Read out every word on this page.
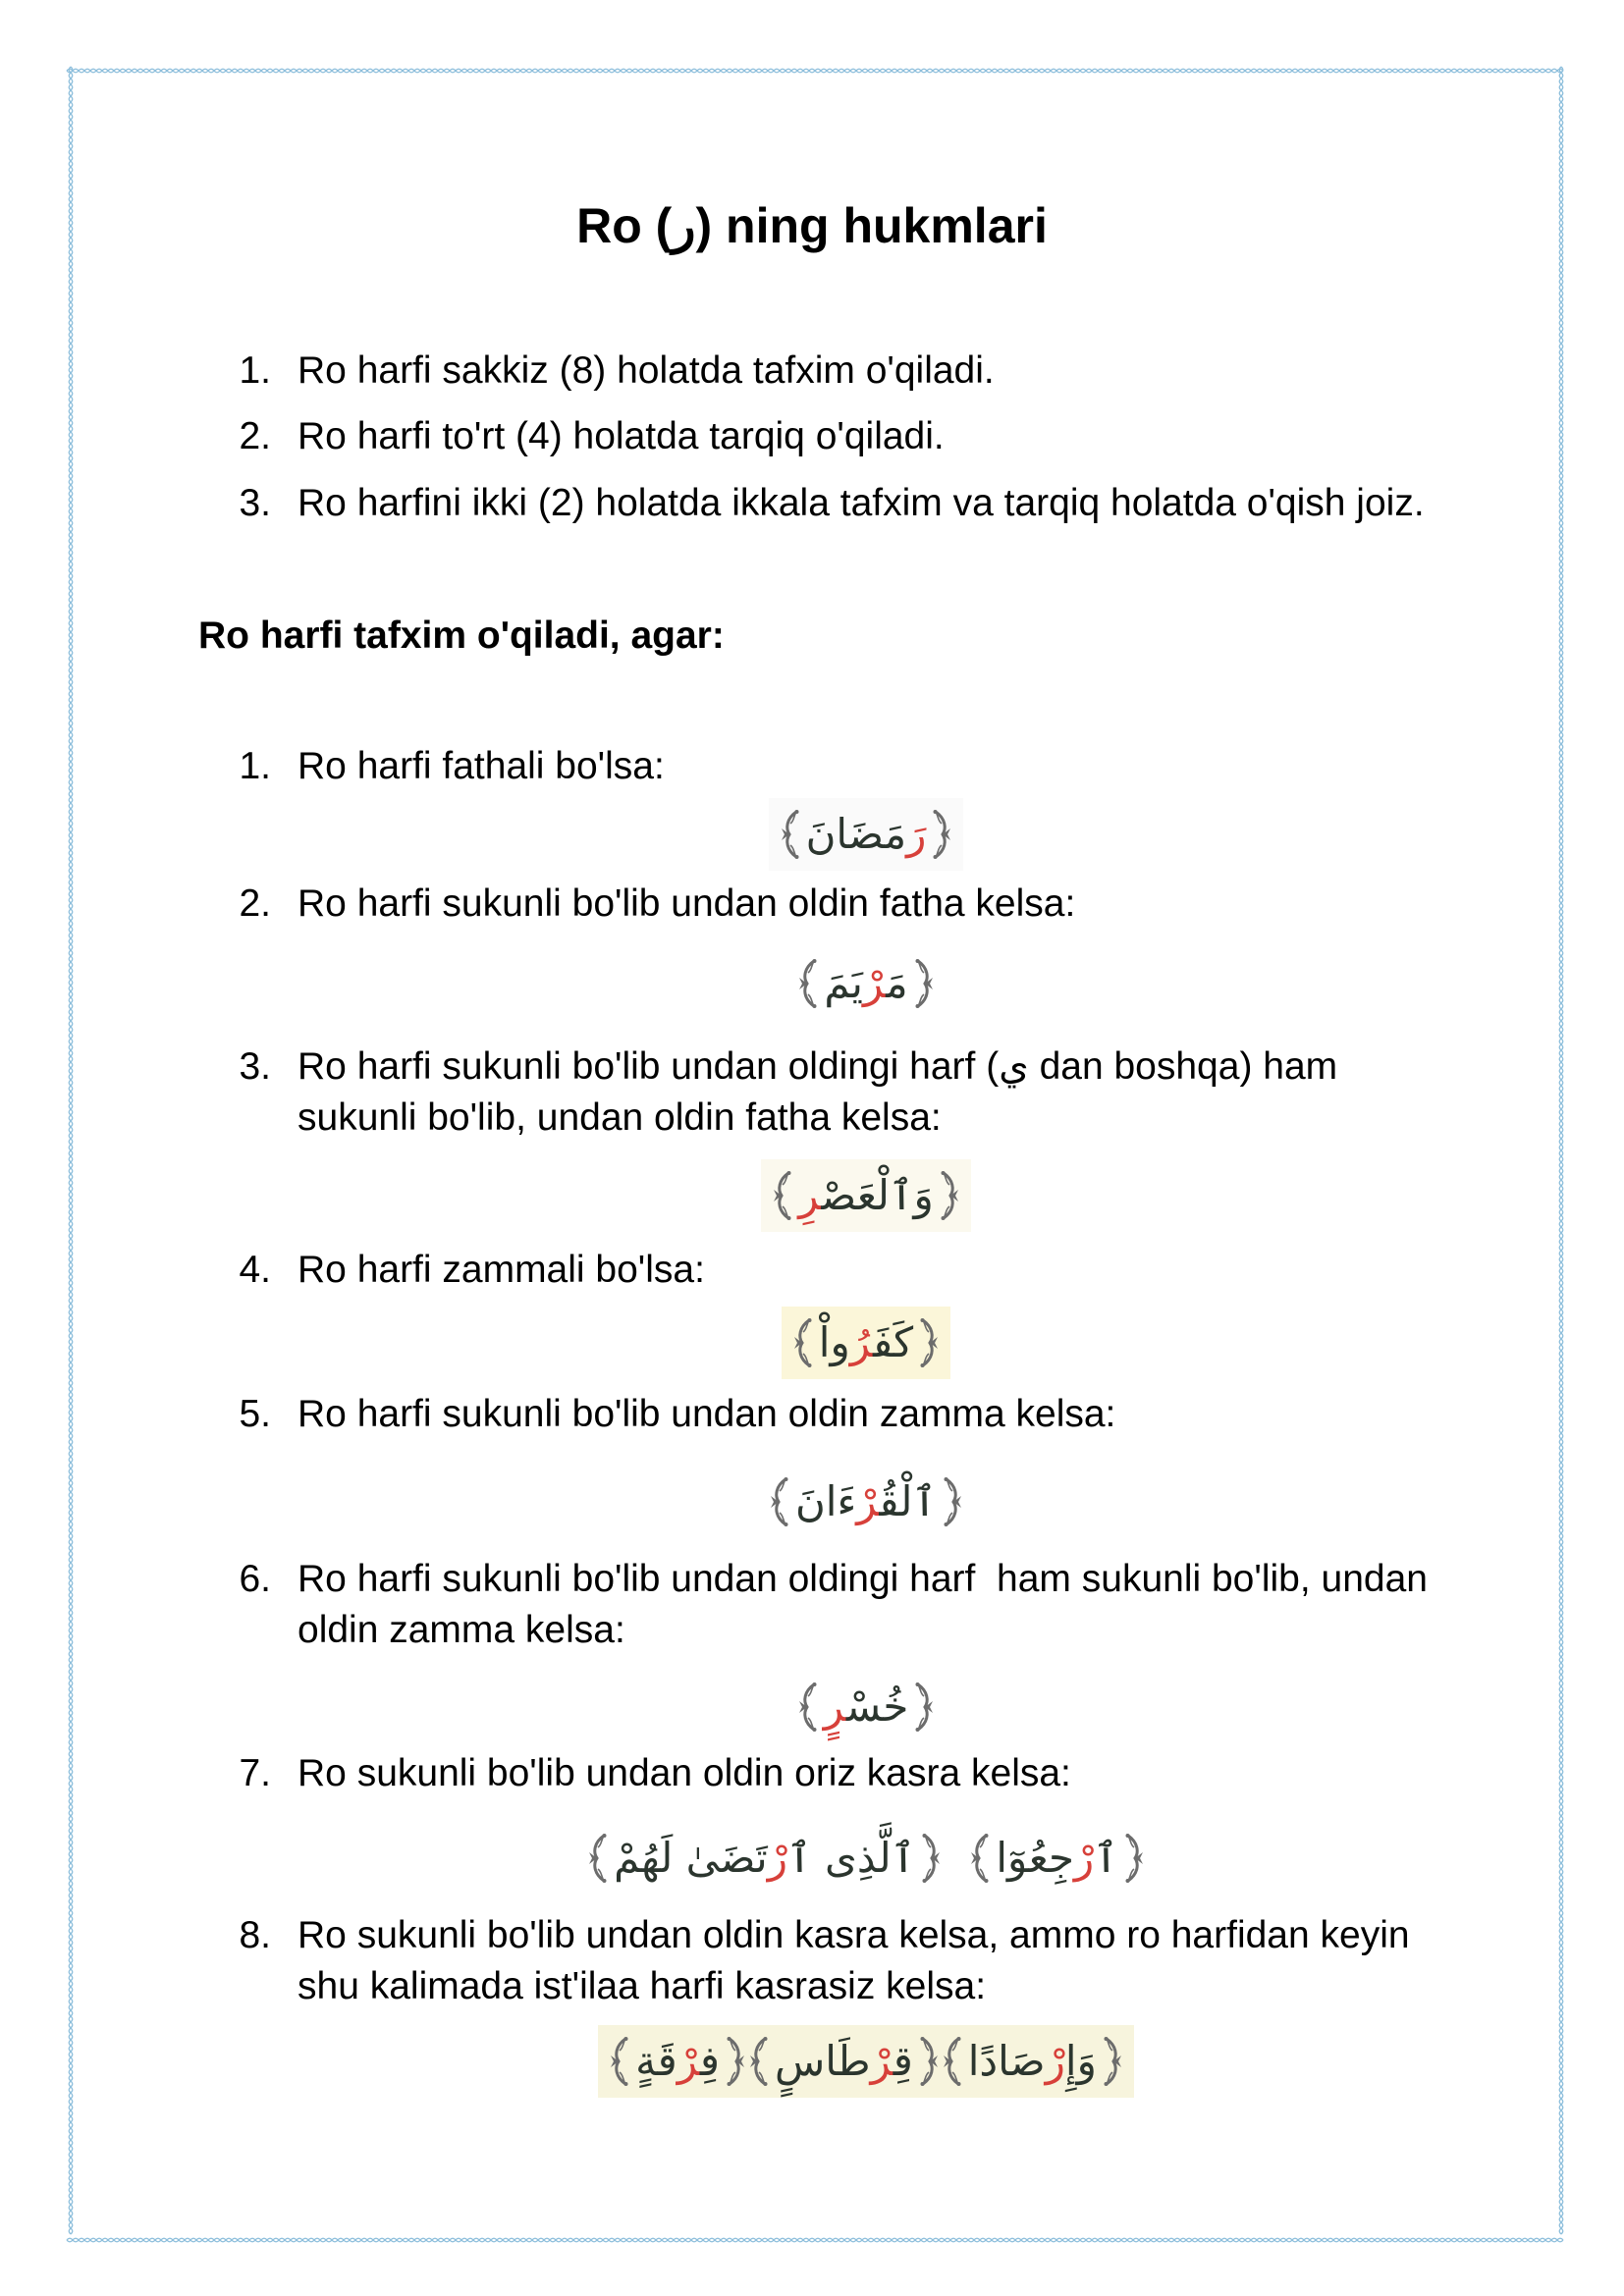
Ro (ر) ning hukmlari
1. Ro harfi sakkiz (8) holatda tafxim o'qiladi.
2. Ro harfi to'rt (4) holatda tarqiq o'qiladi.
3. Ro harfini ikki (2) holatda ikkala tafxim va tarqiq holatda o'qish joiz.
Ro harfi tafxim o'qiladi, agar:
1. Ro harfi fathali bo'lsa:
رَمَضَانَ
2. Ro harfi sukunli bo'lib undan oldin fatha kelsa:
مَرْيَمَ
3. Ro harfi sukunli bo'lib undan oldingi harf (ي dan boshqa) ham
sukunli bo'lib, undan oldin fatha kelsa:
وَٱلْعَصْرِ
4. Ro harfi zammali bo'lsa:
كَفَرُواْ
5. Ro harfi sukunli bo'lib undan oldin zamma kelsa:
ٱلْقُرْءَانَ
6. Ro harfi sukunli bo'lib undan oldingi harf  ham sukunli bo'lib, undan
oldin zamma kelsa:
خُسْرٍ
7. Ro sukunli bo'lib undan oldin oriz kasra kelsa:
ٱرْجِعُوٓا
ٱلَّذِى ٱرْتَضَىٰ لَهُمْ
8. Ro sukunli bo'lib undan oldin kasra kelsa, ammo ro harfidan keyin
shu kalimada ist'ilaa harfi kasrasiz kelsa:
وَإِرْصَادًا
قِرْطَاسٍ
فِرْقَةٍ
